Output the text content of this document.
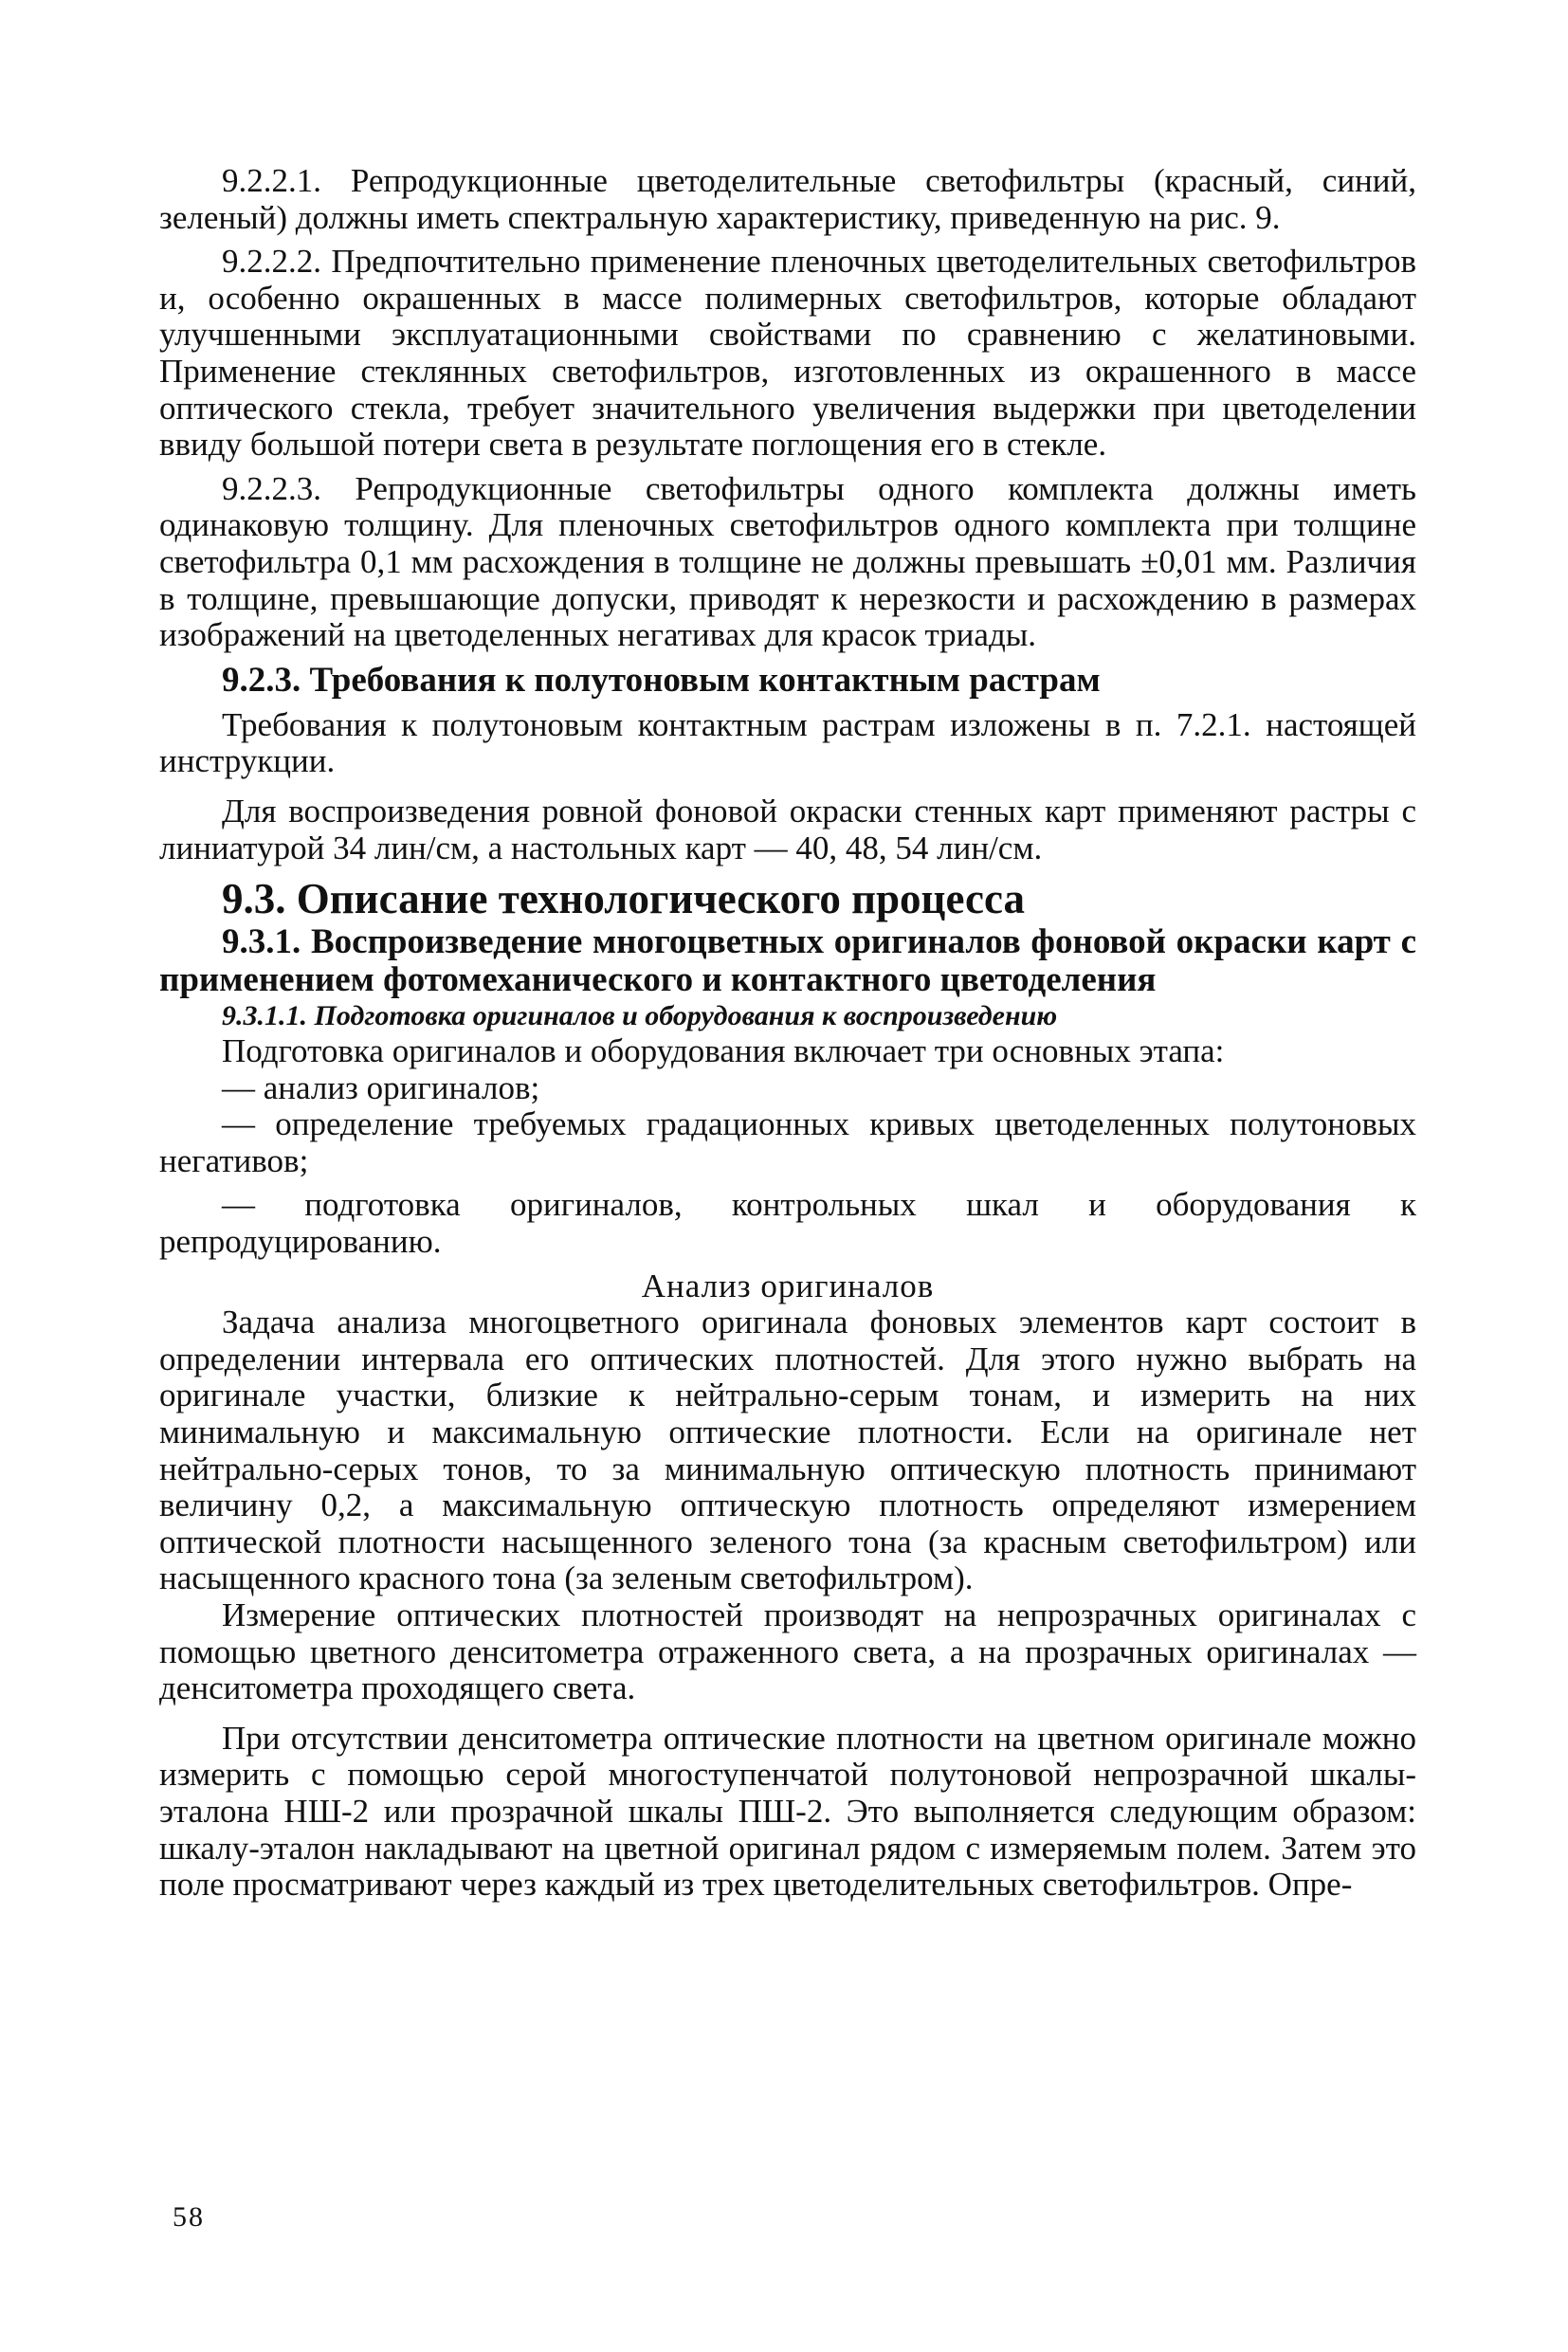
9.2.2.1. Репродукционные цветоделительные светофильтры (красный, синий, зеленый) должны иметь спектральную характеристику, приведенную на рис. 9.

9.2.2.2. Предпочтительно применение пленочных цветоделительных светофильтров и, особенно окрашенных в массе полимерных светофильтров, которые обладают улучшенными эксплуатационными свойствами по сравнению с желатиновыми. Применение стеклянных светофильтров, изготовленных из окрашенного в массе оптического стекла, требует значительного увеличения выдержки при цветоделении ввиду большой потери света в результате поглощения его в стекле.

9.2.2.3. Репродукционные светофильтры одного комплекта должны иметь одинаковую толщину. Для пленочных светофильтров одного комплекта при толщине светофильтра 0,1 мм расхождения в толщине не должны превышать ±0,01 мм. Различия в толщине, превышающие допуски, приводят к нерезкости и расхождению в размерах изображений на цветоделенных негативах для красок триады.

9.2.3. Требования к полутоновым контактным растрам

Требования к полутоновым контактным растрам изложены в п. 7.2.1. настоящей инструкции.

Для воспроизведения ровной фоновой окраски стенных карт применяют растры с линиатурой 34 лин/см, а настольных карт — 40, 48, 54 лин/см.

9.3. Описание технологического процесса
9.3.1. Воспроизведение многоцветных оригиналов фоновой окраски карт с применением фотомеханического и контактного цветоделения
9.3.1.1. Подготовка оригиналов и оборудования к воспроизведению

Подготовка оригиналов и оборудования включает три основных этапа:

— анализ оригиналов;

— определение требуемых градационных кривых цветоделенных полутоновых негативов;

— подготовка оригиналов, контрольных шкал и оборудования к репродуцированию.

Анализ оригиналов

Задача анализа многоцветного оригинала фоновых элементов карт состоит в определении интервала его оптических плотностей. Для этого нужно выбрать на оригинале участки, близкие к нейтрально-серым тонам, и измерить на них минимальную и максимальную оптические плотности. Если на оригинале нет нейтрально-серых тонов, то за минимальную оптическую плотность принимают величину 0,2, а максимальную оптическую плотность определяют измерением оптической плотности насыщенного зеленого тона (за красным светофильтром) или насыщенного красного тона (за зеленым светофильтром).

Измерение оптических плотностей производят на непрозрачных оригиналах с помощью цветного денситометра отраженного света, а на прозрачных оригиналах — денситометра проходящего света.

При отсутствии денситометра оптические плотности на цветном оригинале можно измерить с помощью серой многоступенчатой полутоновой непрозрачной шкалы-эталона НШ-2 или прозрачной шкалы ПШ-2. Это выполняется следующим образом: шкалу-эталон накладывают на цветной оригинал рядом с измеряемым полем. Затем это поле просматривают через каждый из трех цветоделительных светофильтров. Опре-

58
